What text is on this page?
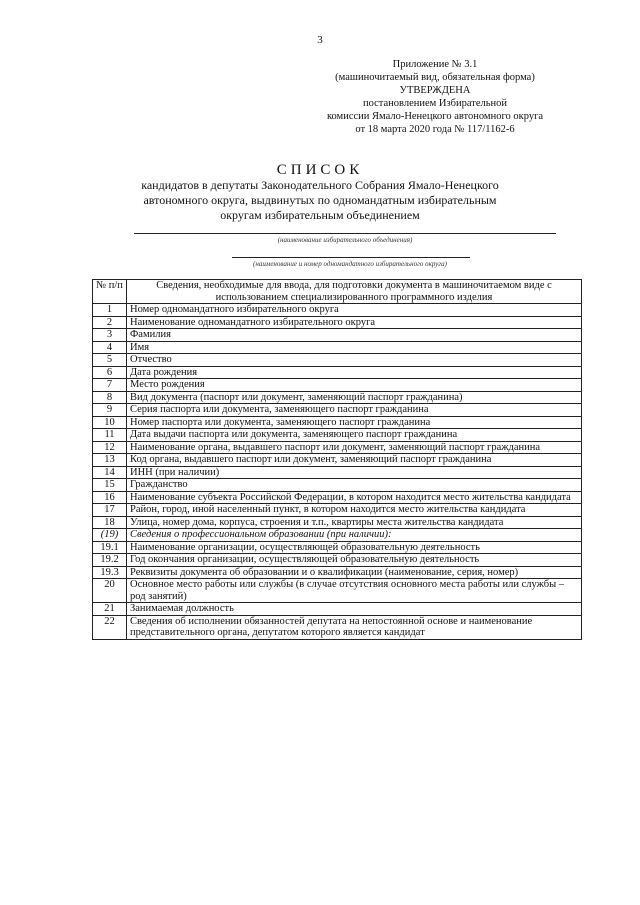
3
Приложение № 3.1
(машиночитаемый вид, обязательная форма)
УТВЕРЖДЕНА
постановлением Избирательной
комиссии Ямало-Ненецкого автономного округа
от 18 марта 2020 года № 117/1162-6
СПИСОК
кандидатов в депутаты Законодательного Собрания Ямало-Ненецкого
автономного округа, выдвинутых по одномандатным избирательным
округам избирательным объединением
(наименование избирательного объединения)
(наименование и номер одномандатного избирательного округа)
№ п/п	Сведения, необходимые для ввода, для подготовки документа в машиночитаемом виде с использованием специализированного программного изделия
1	Номер одномандатного избирательного округа
2	Наименование одномандатного избирательного округа
3	Фамилия
4	Имя
5	Отчество
6	Дата рождения
7	Место рождения
8	Вид документа (паспорт или документ, заменяющий паспорт гражданина)
9	Серия паспорта или документа, заменяющего паспорт гражданина
10	Номер паспорта или документа, заменяющего паспорт гражданина
11	Дата выдачи паспорта или документа, заменяющего паспорт гражданина
12	Наименование органа, выдавшего паспорт или документ, заменяющий паспорт гражданина
13	Код органа, выдавшего паспорт или документ, заменяющий паспорт гражданина
14	ИНН (при наличии)
15	Гражданство
16	Наименование субъекта Российской Федерации, в котором находится место жительства кандидата
17	Район, город, иной населенный пункт, в котором находится место жительства кандидата
18	Улица, номер дома, корпуса, строения и т.п., квартиры места жительства кандидата
(19)	Сведения о профессиональном образовании (при наличии):
19.1	Наименование организации, осуществляющей образовательную деятельность
19.2	Год окончания организации, осуществляющей образовательную деятельность
19.3	Реквизиты документа об образовании и о квалификации (наименование, серия, номер)
20	Основное место работы или службы (в случае отсутствия основного места работы или службы – род занятий)
21	Занимаемая должность
22	Сведения об исполнении обязанностей депутата на непостоянной основе и наименование представительного органа, депутатом которого является кандидат
